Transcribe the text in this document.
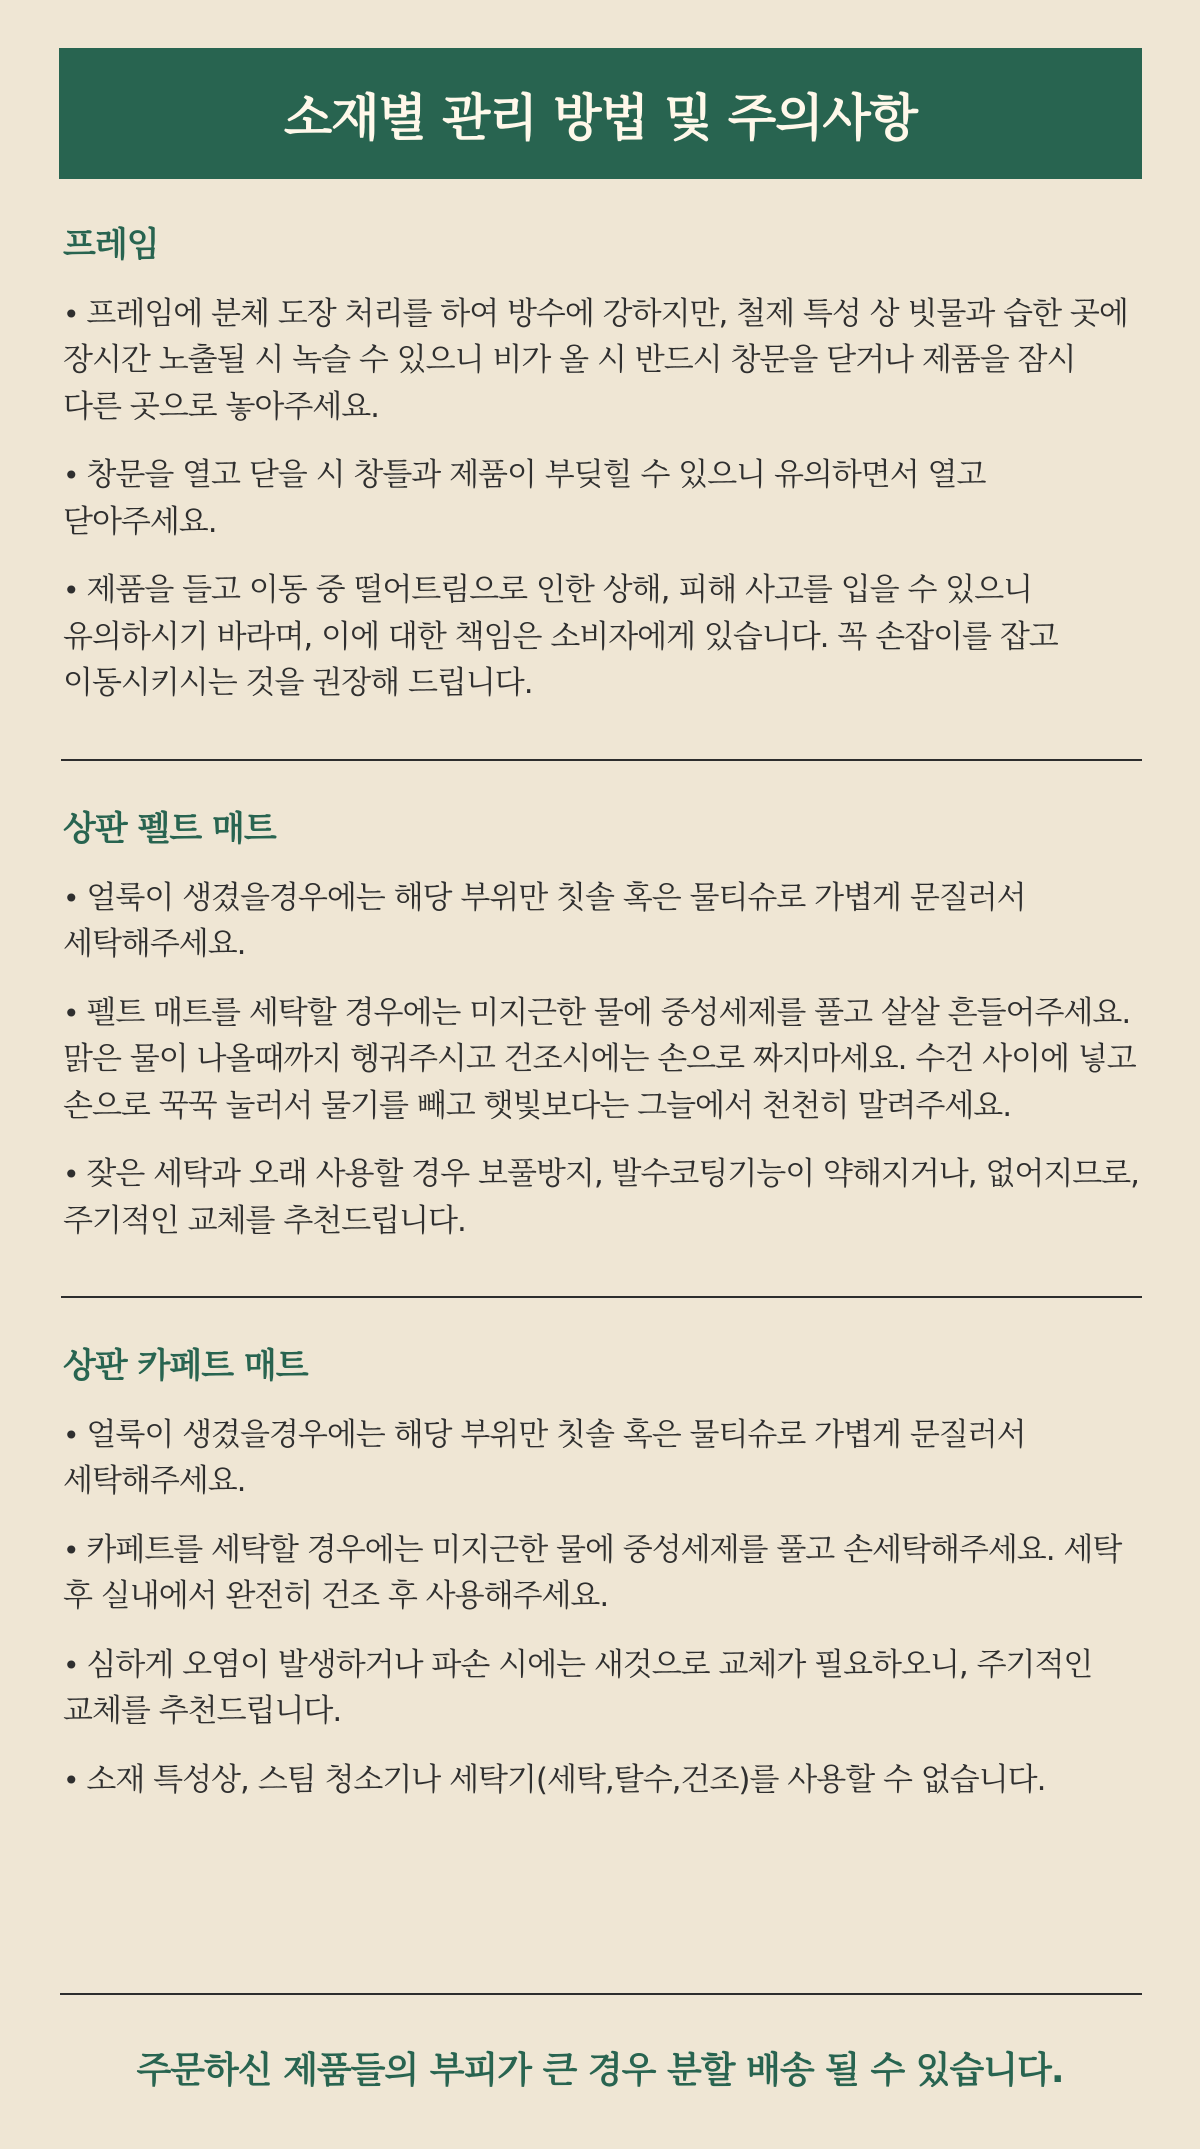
소재별 관리 방법 및 주의사항
프레임

• 프레임에 분체 도장 처리를 하여 방수에 강하지만, 철제 특성 상 빗물과 습한 곳에 장시간 노출될 시 녹슬 수 있으니 비가 올 시 반드시 창문을 닫거나 제품을 잠시 다른 곳으로 놓아주세요.

• 창문을 열고 닫을 시 창틀과 제품이 부딪힐 수 있으니 유의하면서 열고 닫아주세요.

• 제품을 들고 이동 중 떨어트림으로 인한 상해, 피해 사고를 입을 수 있으니 유의하시기 바라며, 이에 대한 책임은 소비자에게 있습니다. 꼭 손잡이를 잡고 이동시키시는 것을 권장해 드립니다.

상판 펠트 매트

• 얼룩이 생겼을경우에는 해당 부위만 칫솔 혹은 물티슈로 가볍게 문질러서 세탁해주세요.

• 펠트 매트를 세탁할 경우에는 미지근한 물에 중성세제를 풀고 살살 흔들어주세요. 맑은 물이 나올때까지 헹궈주시고 건조시에는 손으로 짜지마세요. 수건 사이에 넣고 손으로 꾹꾹 눌러서 물기를 빼고 햇빛보다는 그늘에서 천천히 말려주세요.

• 잦은 세탁과 오래 사용할 경우 보풀방지, 발수코팅기능이 약해지거나, 없어지므로, 주기적인 교체를 추천드립니다.

상판 카페트 매트

• 얼룩이 생겼을경우에는 해당 부위만 칫솔 혹은 물티슈로 가볍게 문질러서 세탁해주세요.

• 카페트를 세탁할 경우에는 미지근한 물에 중성세제를 풀고 손세탁해주세요. 세탁 후 실내에서 완전히 건조 후 사용해주세요.

• 심하게 오염이 발생하거나 파손 시에는 새것으로 교체가 필요하오니, 주기적인 교체를 추천드립니다.

• 소재 특성상, 스팀 청소기나 세탁기(세탁,탈수,건조)를 사용할 수 없습니다.

주문하신 제품들의 부피가 큰 경우 분할 배송 될 수 있습니다.
